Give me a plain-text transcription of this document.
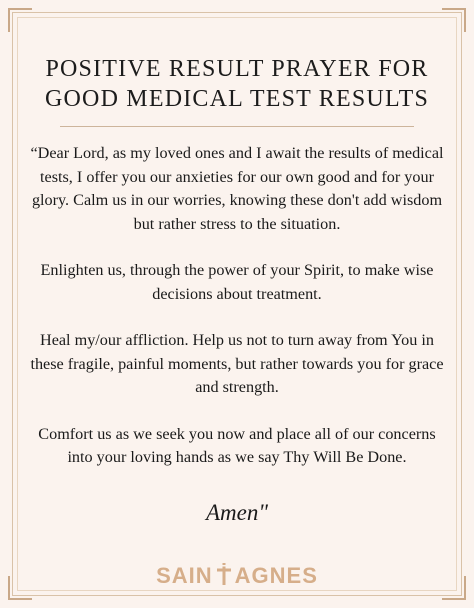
POSITIVE RESULT PRAYER FOR
GOOD MEDICAL TEST RESULTS

“Dear Lord, as my loved ones and I await the results of medical tests, I offer you our anxieties for our own good and for your glory. Calm us in our worries, knowing these don't add wisdom but rather stress to the situation.

Enlighten us, through the power of your Spirit, to make wise decisions about treatment.

Heal my/our affliction. Help us not to turn away from You in these fragile, painful moments, but rather towards you for grace and strength.

Comfort us as we seek you now and place all of our concerns into your loving hands as we say Thy Will Be Done.

Amen"
SAIN AGNES
